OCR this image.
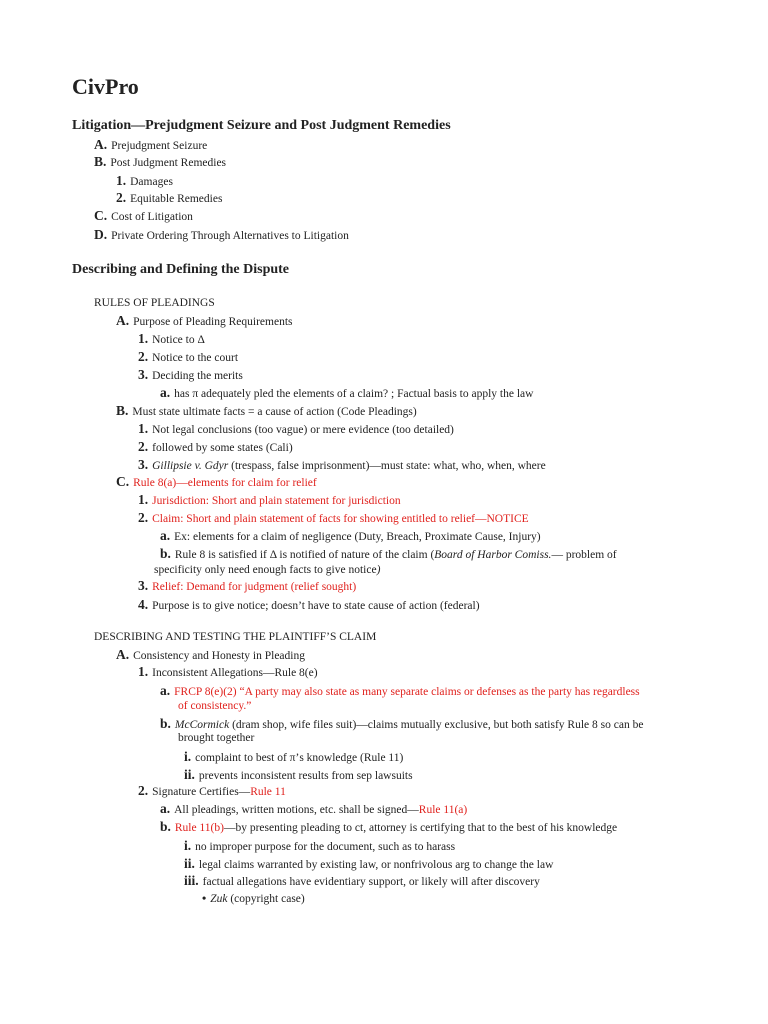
CivPro
Litigation—Prejudgment Seizure and Post Judgment Remedies
Describing and Defining the Dispute
A. Prejudgment Seizure
B. Post Judgment Remedies
1. Damages
2. Equitable Remedies
C. Cost of Litigation
D. Private Ordering Through Alternatives to Litigation
RULES OF PLEADINGS
A. Purpose of Pleading Requirements
1. Notice to Δ
2. Notice to the court
3. Deciding the merits
a. has π adequately pled the elements of a claim? ; Factual basis to apply the law
B. Must state ultimate facts = a cause of action (Code Pleadings)
1. Not legal conclusions (too vague) or mere evidence (too detailed)
2. followed by some states (Cali)
3. Gillipsie v. Gdyr (trespass, false imprisonment)—must state: what, who, when, where
C. Rule 8(a)—elements for claim for relief
1. Jurisdiction: Short and plain statement for jurisdiction
2. Claim: Short and plain statement of facts for showing entitled to relief—NOTICE
a. Ex: elements for a claim of negligence (Duty, Breach, Proximate Cause, Injury)
b. Rule 8 is satisfied if Δ is notified of nature of the claim (Board of Harbor Comiss.— problem of
specificity only need enough facts to give notice)
3. Relief: Demand for judgment (relief sought)
4. Purpose is to give notice; doesn’t have to state cause of action (federal)
DESCRIBING AND TESTING THE PLAINTIFF’S CLAIM
A. Consistency and Honesty in Pleading
1. Inconsistent Allegations—Rule 8(e)
a. FRCP 8(e)(2) “A party may also state as many separate claims or defenses as the party has regardless
of consistency.”
b. McCormick (dram shop, wife files suit)—claims mutually exclusive, but both satisfy Rule 8 so can be
brought together
i. complaint to best of π’s knowledge (Rule 11)
ii. prevents inconsistent results from sep lawsuits
2. Signature Certifies—Rule 11
a. All pleadings, written motions, etc. shall be signed—Rule 11(a)
b. Rule 11(b)—by presenting pleading to ct, attorney is certifying that to the best of his knowledge
i. no improper purpose for the document, such as to harass
ii. legal claims warranted by existing law, or nonfrivolous arg to change the law
iii. factual allegations have evidentiary support, or likely will after discovery
• Zuk (copyright case)
